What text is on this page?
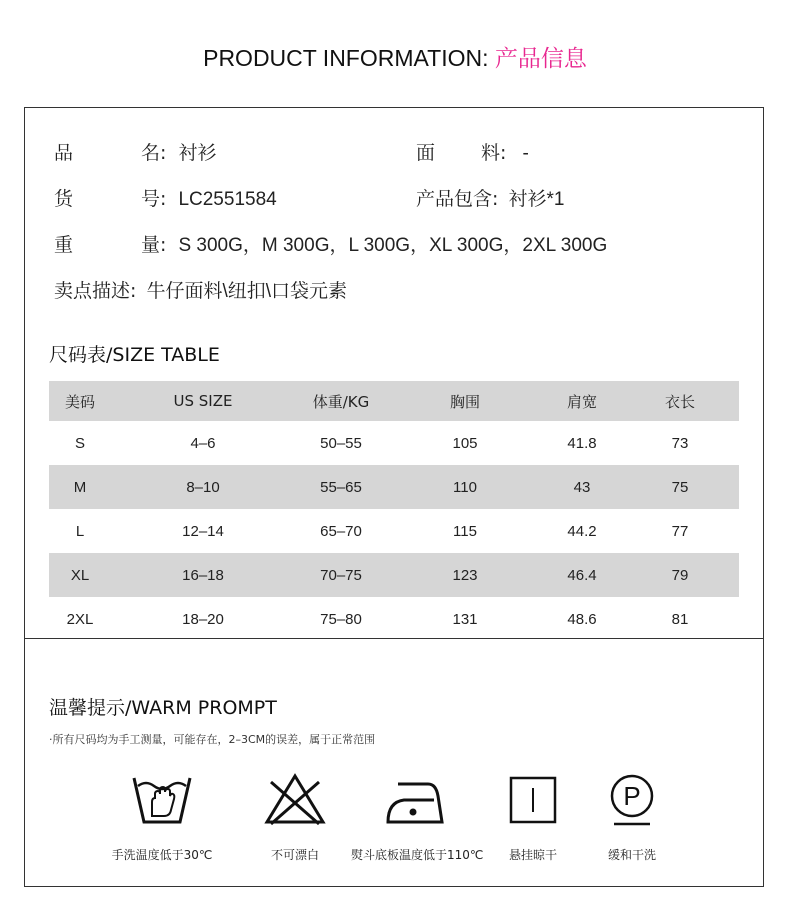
PRODUCT INFORMATION: 产品信息
品	名 : 衬衫	面 料 : -
货	号 : LC2551584	产品包含: 衬衫*1
重	量 : S 300G，M 300G，L 300G，XL 300G，2XL 300G
卖点描述: 牛仔面料\纽扣\口袋元素
尺码表/SIZE TABLE
美码	US SIZE	体重/KG	胸围	肩宽	衣长
S	4–6	50–55	105	41.8	73
M	8–10	55–65	110	43	75
L	12–14	65–70	115	44.2	77
XL	16–18	70–75	123	46.4	79
2XL	18–20	75–80	131	48.6	81
温馨提示/WARM PROMPT
·所有尺码均为手工测量，可能存在，2–3CM的误差，属于正常范围
手洗温度低于30℃	不可漂白	熨斗底板温度低于110℃	悬挂晾干
P
缓和干洗
